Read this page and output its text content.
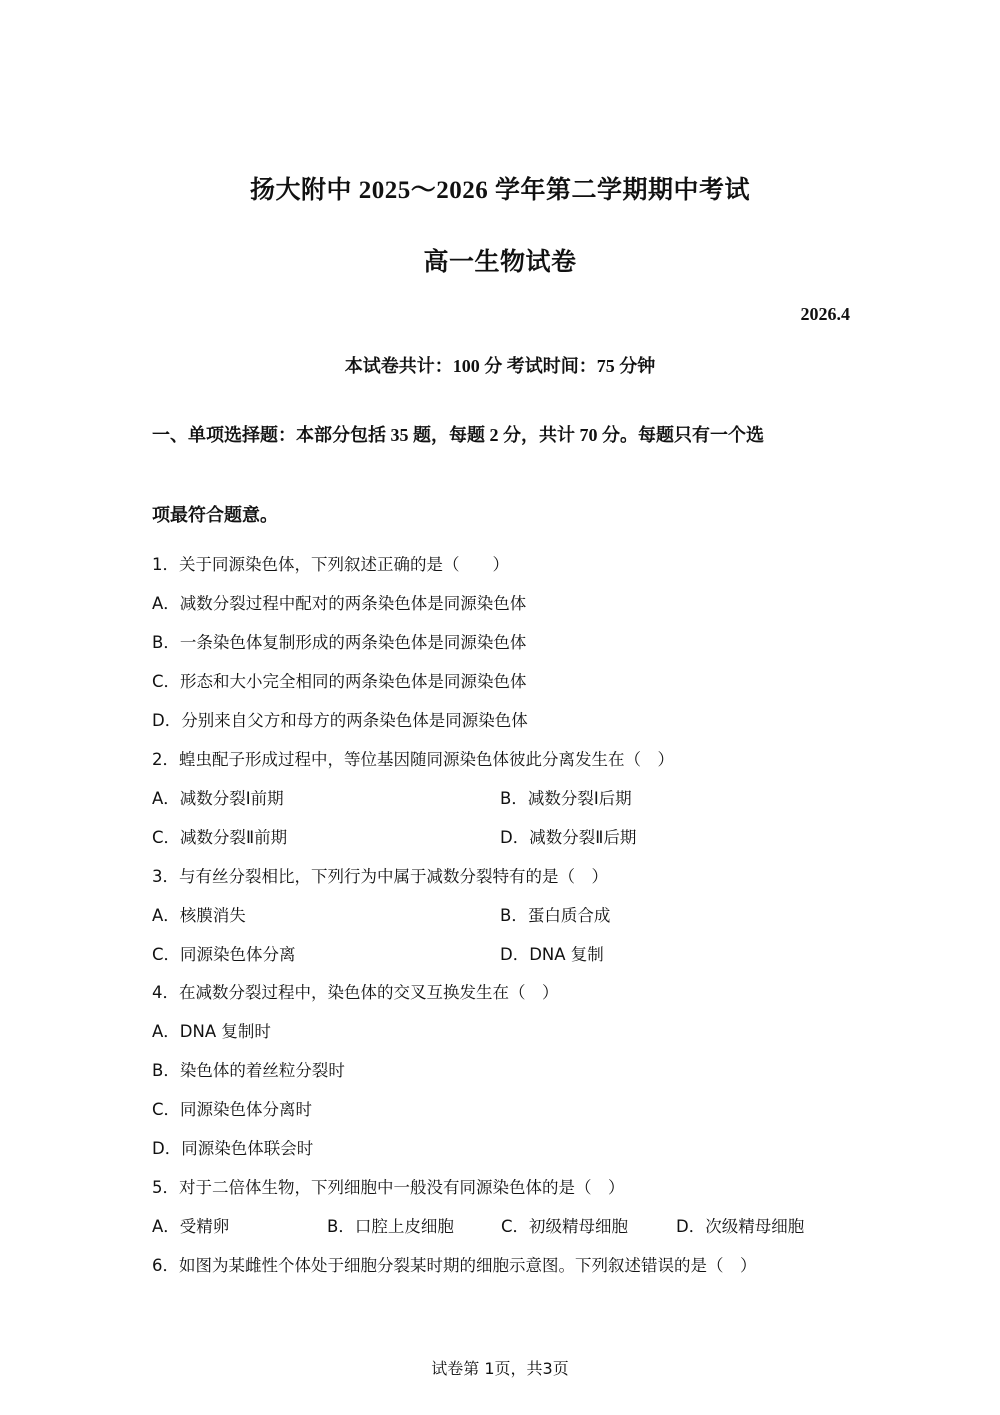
扬大附中 2025～2026 学年第二学期期中考试
高一生物试卷
2026.4
本试卷共计：100 分 考试时间：75 分钟
一、单项选择题：本部分包括 35 题，每题 2 分，共计 70 分。每题只有一个选
项最符合题意。
1．关于同源染色体，下列叙述正确的是（　　）
A．减数分裂过程中配对的两条染色体是同源染色体
B．一条染色体复制形成的两条染色体是同源染色体
C．形态和大小完全相同的两条染色体是同源染色体
D．分别来自父方和母方的两条染色体是同源染色体
2．蝗虫配子形成过程中，等位基因随同源染色体彼此分离发生在（　）
A．减数分裂Ⅰ前期	B．减数分裂Ⅰ后期
C．减数分裂Ⅱ前期	D．减数分裂Ⅱ后期
3．与有丝分裂相比，下列行为中属于减数分裂特有的是（　）
A．核膜消失	B．蛋白质合成
C．同源染色体分离	D．DNA 复制
4．在减数分裂过程中，染色体的交叉互换发生在（　）
A．DNA 复制时
B．染色体的着丝粒分裂时
C．同源染色体分离时
D．同源染色体联会时
5．对于二倍体生物，下列细胞中一般没有同源染色体的是（　）
A．受精卵	B．口腔上皮细胞	C．初级精母细胞	D．次级精母细胞
6．如图为某雌性个体处于细胞分裂某时期的细胞示意图。下列叙述错误的是（　）
试卷第 1页，共3页
